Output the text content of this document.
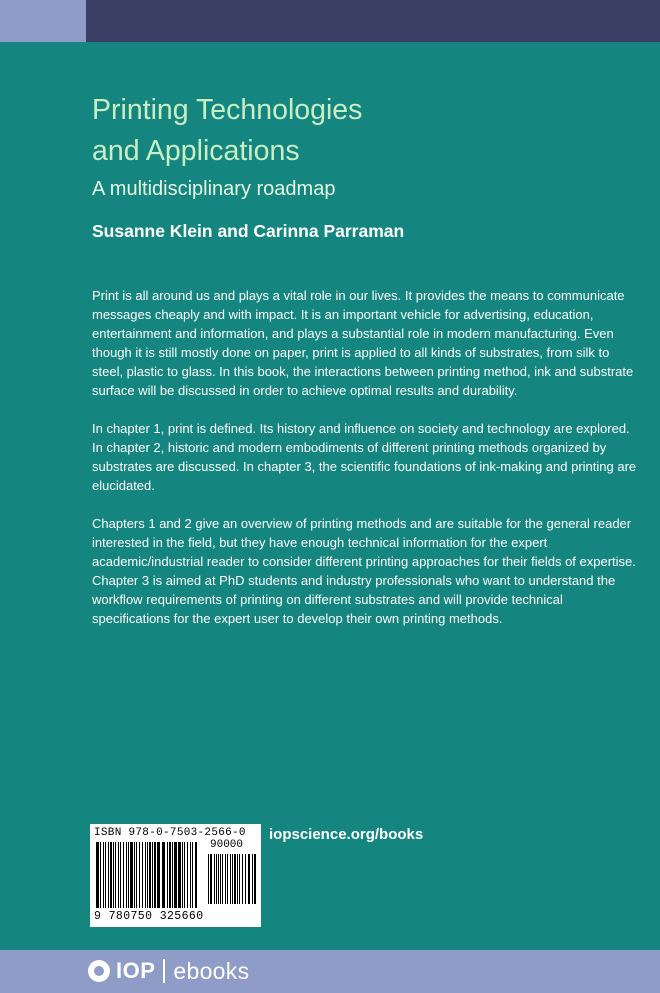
Printing Technologies
and Applications
A multidisciplinary roadmap
Susanne Klein and Carinna Parraman

Print is all around us and plays a vital role in our lives. It provides the means to communicate messages cheaply and with impact. It is an important vehicle for advertising, education, entertainment and information, and plays a substantial role in modern manufacturing. Even though it is still mostly done on paper, print is applied to all kinds of substrates, from silk to steel, plastic to glass. In this book, the interactions between printing method, ink and substrate surface will be discussed in order to achieve optimal results and durability.

In chapter 1, print is defined. Its history and influence on society and technology are explored. In chapter 2, historic and modern embodiments of different printing methods organized by substrates are discussed. In chapter 3, the scientific foundations of ink-making and printing are elucidated.

Chapters 1 and 2 give an overview of printing methods and are suitable for the general reader interested in the field, but they have enough technical information for the expert academic/industrial reader to consider different printing approaches for their fields of expertise. Chapter 3 is aimed at PhD students and industry professionals who want to understand the workflow requirements of printing on different substrates and will provide technical specifications for the expert user to develop their own printing methods.

ISBN 978-0-7503-2566-0
90000
9 780750 325660
iopscience.org/books
IOP ebooks
